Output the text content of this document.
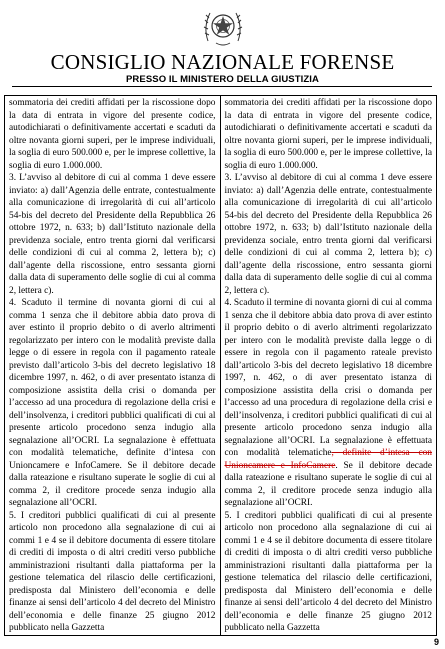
CONSIGLIO NAZIONALE FORENSE
PRESSO IL MINISTERO DELLA GIUSTIZIA

sommatoria dei crediti affidati per la riscossione dopo la data di entrata in vigore del presente codice, autodichiarati o definitivamente accertati e scaduti da oltre novanta giorni superi, per le imprese individuali, la soglia di euro 500.000 e, per le imprese collettive, la soglia di euro 1.000.000.

3. L’avviso al debitore di cui al comma 1 deve essere inviato: a) dall’Agenzia delle entrate, contestualmente alla comunicazione di irregolarità di cui all’articolo 54-bis del decreto del Presidente della Repubblica 26 ottobre 1972, n. 633; b) dall’Istituto nazionale della previdenza sociale, entro trenta giorni dal verificarsi delle condizioni di cui al comma 2, lettera b); c) dall’agente della riscossione, entro sessanta giorni dalla data di superamento delle soglie di cui al comma 2, lettera c).

4. Scaduto il termine di novanta giorni di cui al comma 1 senza che il debitore abbia dato prova di aver estinto il proprio debito o di averlo altrimenti regolarizzato per intero con le modalità previste dalla legge o di essere in regola con il pagamento rateale previsto dall’articolo 3-bis del decreto legislativo 18 dicembre 1997, n. 462, o di aver presentato istanza di composizione assistita della crisi o domanda per l’accesso ad una procedura di regolazione della crisi e dell’insolvenza, i creditori pubblici qualificati di cui al presente articolo procedono senza indugio alla segnalazione all’OCRI. La segnalazione è effettuata con modalità telematiche, definite d’intesa con Unioncamere e InfoCamere. Se il debitore decade dalla rateazione e risultano superate le soglie di cui al comma 2, il creditore procede senza indugio alla segnalazione all’OCRI.

5. I creditori pubblici qualificati di cui al presente articolo non procedono alla segnalazione di cui ai commi 1 e 4 se il debitore documenta di essere titolare di crediti di imposta o di altri crediti verso pubbliche amministrazioni risultanti dalla piattaforma per la gestione telematica del rilascio delle certificazioni, predisposta dal Ministero dell’economia e delle finanze ai sensi dell’articolo 4 del decreto del Ministro dell’economia e delle finanze 25 giugno 2012 pubblicato nella Gazzetta

sommatoria dei crediti affidati per la riscossione dopo la data di entrata in vigore del presente codice, autodichiarati o definitivamente accertati e scaduti da oltre novanta giorni superi, per le imprese individuali, la soglia di euro 500.000 e, per le imprese collettive, la soglia di euro 1.000.000.

3. L’avviso al debitore di cui al comma 1 deve essere inviato: a) dall’Agenzia delle entrate, contestualmente alla comunicazione di irregolarità di cui all’articolo 54-bis del decreto del Presidente della Repubblica 26 ottobre 1972, n. 633; b) dall’Istituto nazionale della previdenza sociale, entro trenta giorni dal verificarsi delle condizioni di cui al comma 2, lettera b); c) dall’agente della riscossione, entro sessanta giorni dalla data di superamento delle soglie di cui al comma 2, lettera c).

4. Scaduto il termine di novanta giorni di cui al comma 1 senza che il debitore abbia dato prova di aver estinto il proprio debito o di averlo altrimenti regolarizzato per intero con le modalità previste dalla legge o di essere in regola con il pagamento rateale previsto dall’articolo 3-bis del decreto legislativo 18 dicembre 1997, n. 462, o di aver presentato istanza di composizione assistita della crisi o domanda per l’accesso ad una procedura di regolazione della crisi e dell’insolvenza, i creditori pubblici qualificati di cui al presente articolo procedono senza indugio alla segnalazione all’OCRI. La segnalazione è effettuata con modalità telematiche, definite d’intesa con Unioncamere e InfoCamere. Se il debitore decade dalla rateazione e risultano superate le soglie di cui al comma 2, il creditore procede senza indugio alla segnalazione all’OCRI.

5. I creditori pubblici qualificati di cui al presente articolo non procedono alla segnalazione di cui ai commi 1 e 4 se il debitore documenta di essere titolare di crediti di imposta o di altri crediti verso pubbliche amministrazioni risultanti dalla piattaforma per la gestione telematica del rilascio delle certificazioni, predisposta dal Ministero dell’economia e delle finanze ai sensi dell’articolo 4 del decreto del Ministro dell’economia e delle finanze 25 giugno 2012 pubblicato nella Gazzetta

9
